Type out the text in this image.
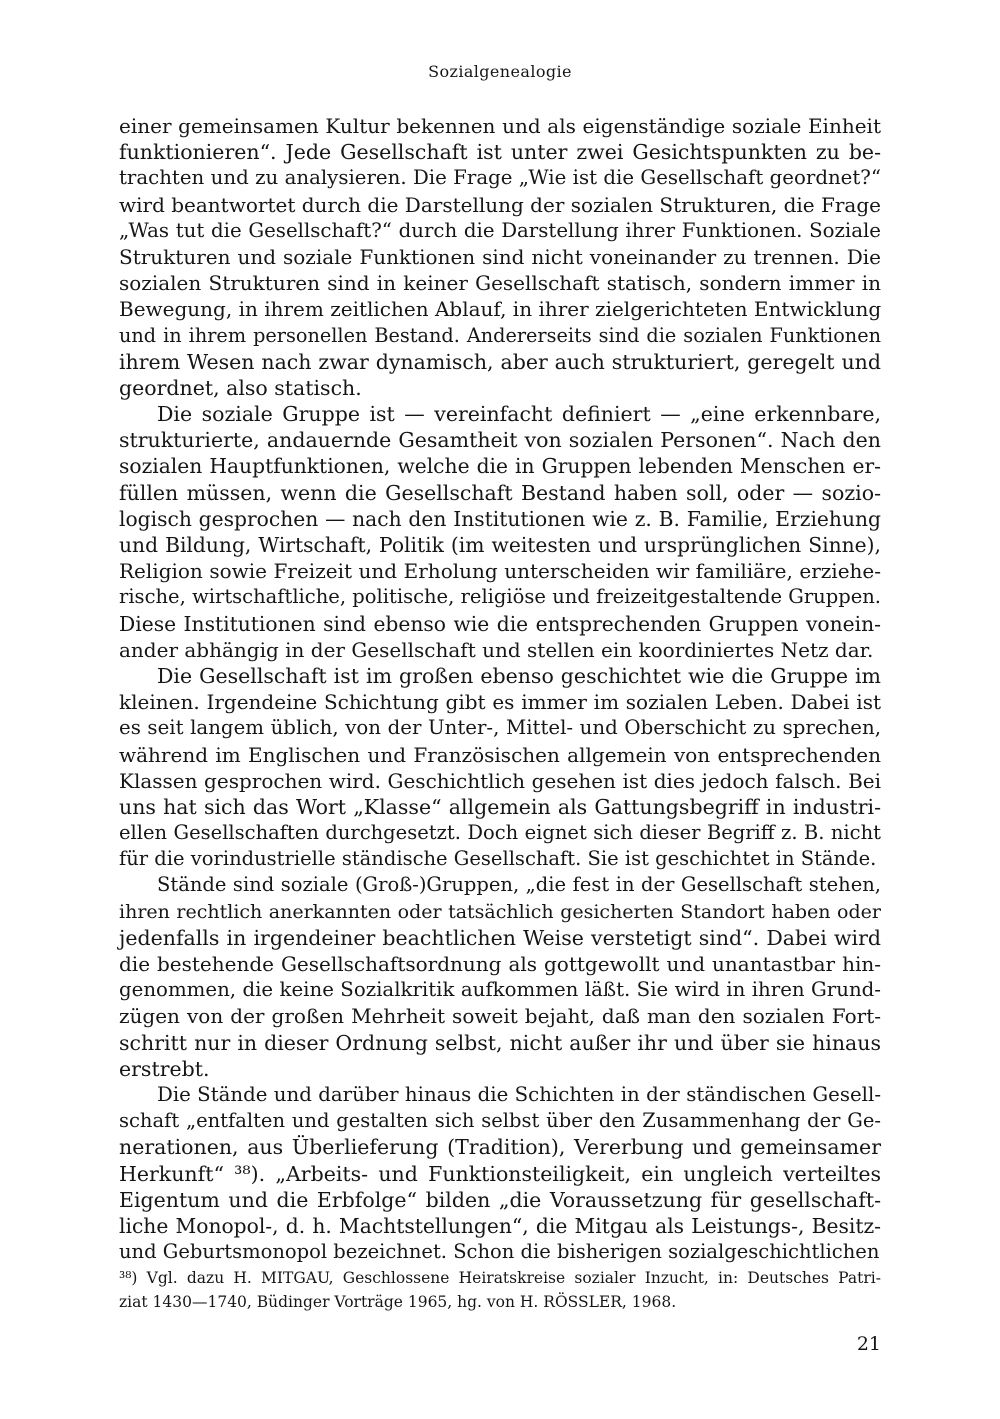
Sozialgenealogie
einer gemeinsamen Kultur bekennen und als eigenständige soziale Einheit
funktionieren“. Jede Gesellschaft ist unter zwei Gesichtspunkten zu be-
trachten und zu analysieren. Die Frage „Wie ist die Gesellschaft geordnet?“
wird beantwortet durch die Darstellung der sozialen Strukturen, die Frage
„Was tut die Gesellschaft?“ durch die Darstellung ihrer Funktionen. Soziale
Strukturen und soziale Funktionen sind nicht voneinander zu trennen. Die
sozialen Strukturen sind in keiner Gesellschaft statisch, sondern immer in
Bewegung, in ihrem zeitlichen Ablauf, in ihrer zielgerichteten Entwicklung
und in ihrem personellen Bestand. Andererseits sind die sozialen Funktionen
ihrem Wesen nach zwar dynamisch, aber auch strukturiert, geregelt und
geordnet, also statisch.
Die soziale Gruppe ist — vereinfacht definiert — „eine erkennbare,
strukturierte, andauernde Gesamtheit von sozialen Personen“. Nach den
sozialen Hauptfunktionen, welche die in Gruppen lebenden Menschen er-
füllen müssen, wenn die Gesellschaft Bestand haben soll, oder — sozio-
logisch gesprochen — nach den Institutionen wie z. B. Familie, Erziehung
und Bildung, Wirtschaft, Politik (im weitesten und ursprünglichen Sinne),
Religion sowie Freizeit und Erholung unterscheiden wir familiäre, erziehe-
rische, wirtschaftliche, politische, religiöse und freizeitgestaltende Gruppen.
Diese Institutionen sind ebenso wie die entsprechenden Gruppen vonein-
ander abhängig in der Gesellschaft und stellen ein koordiniertes Netz dar.
Die Gesellschaft ist im großen ebenso geschichtet wie die Gruppe im
kleinen. Irgendeine Schichtung gibt es immer im sozialen Leben. Dabei ist
es seit langem üblich, von der Unter-, Mittel- und Oberschicht zu sprechen,
während im Englischen und Französischen allgemein von entsprechenden
Klassen gesprochen wird. Geschichtlich gesehen ist dies jedoch falsch. Bei
uns hat sich das Wort „Klasse“ allgemein als Gattungsbegriff in industri-
ellen Gesellschaften durchgesetzt. Doch eignet sich dieser Begriff z. B. nicht
für die vorindustrielle ständische Gesellschaft. Sie ist geschichtet in Stände.
Stände sind soziale (Groß-)Gruppen, „die fest in der Gesellschaft stehen,
ihren rechtlich anerkannten oder tatsächlich gesicherten Standort haben oder
jedenfalls in irgendeiner beachtlichen Weise verstetigt sind“. Dabei wird
die bestehende Gesellschaftsordnung als gottgewollt und unantastbar hin-
genommen, die keine Sozialkritik aufkommen läßt. Sie wird in ihren Grund-
zügen von der großen Mehrheit soweit bejaht, daß man den sozialen Fort-
schritt nur in dieser Ordnung selbst, nicht außer ihr und über sie hinaus
erstrebt.
Die Stände und darüber hinaus die Schichten in der ständischen Gesell-
schaft „entfalten und gestalten sich selbst über den Zusammenhang der Ge-
nerationen, aus Überlieferung (Tradition), Vererbung und gemeinsamer
Herkunft“ ³⁸). „Arbeits- und Funktionsteiligkeit, ein ungleich verteiltes
Eigentum und die Erbfolge“ bilden „die Voraussetzung für gesellschaft-
liche Monopol-, d. h. Machtstellungen“, die Mitgau als Leistungs-, Besitz-
und Geburtsmonopol bezeichnet. Schon die bisherigen sozialgeschichtlichen
³⁸) Vgl. dazu H. MITGAU, Geschlossene Heiratskreise sozialer Inzucht, in: Deutsches Patri-
ziat 1430—1740, Büdinger Vorträge 1965, hg. von H. RÖSSLER, 1968.
21
